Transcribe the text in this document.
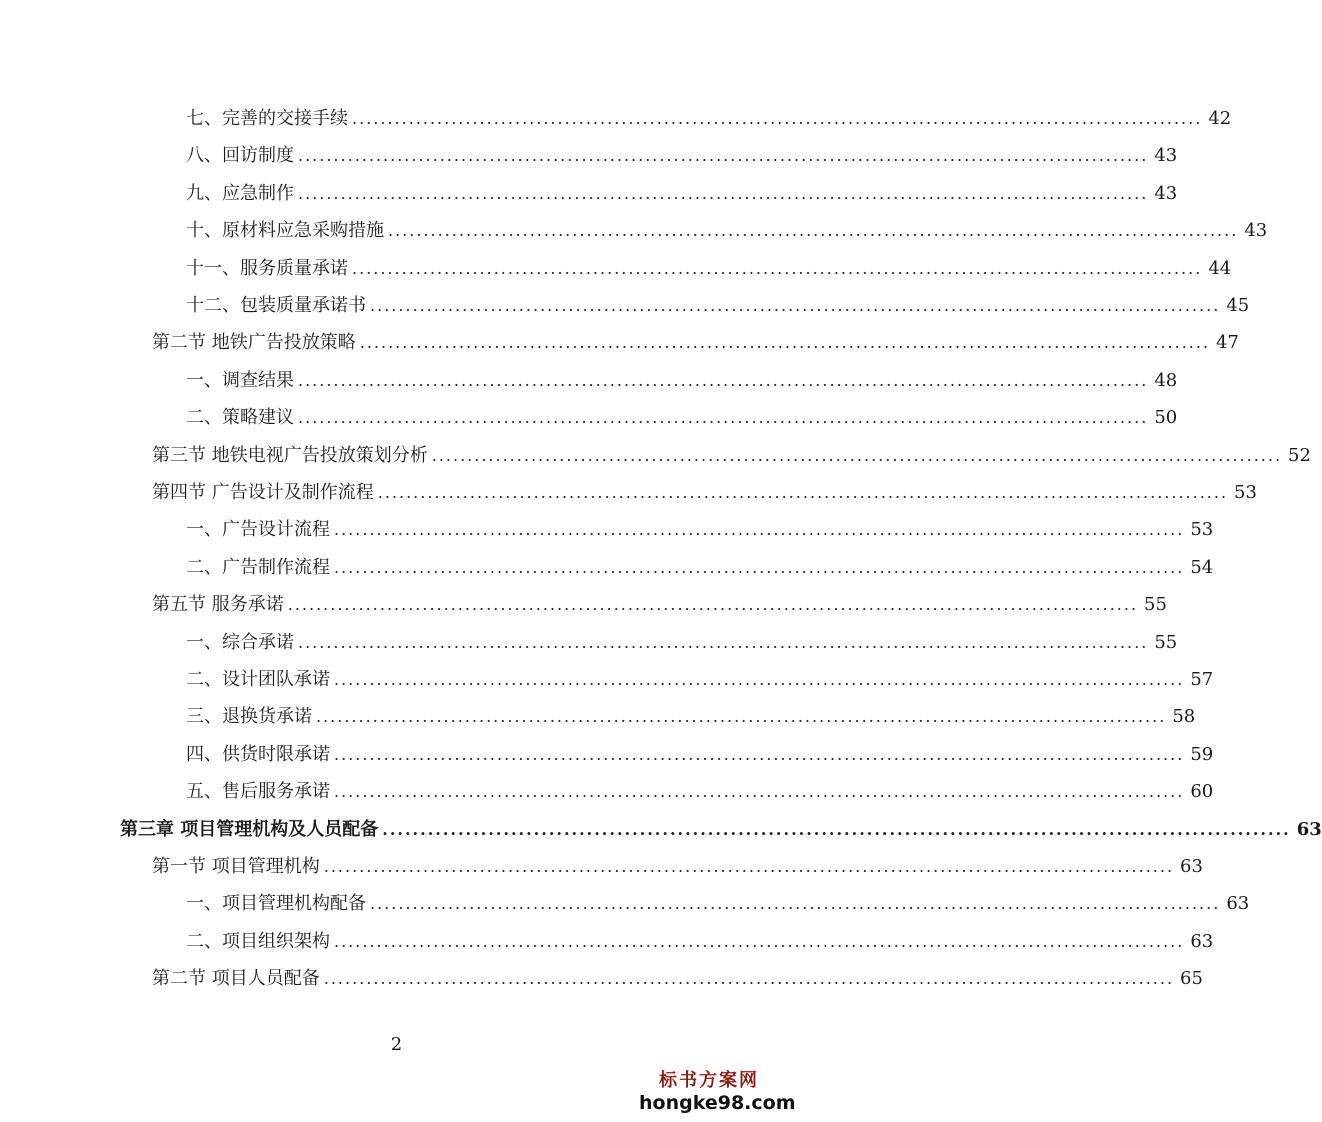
七、完善的交接手续 ........................................................................................................................ 42
八、回访制度 ........................................................................................................................ 43
九、应急制作 ........................................................................................................................ 43
十、原材料应急采购措施 ........................................................................................................................ 43
十一、服务质量承诺 ........................................................................................................................ 44
十二、包装质量承诺书 ........................................................................................................................ 45
第二节 地铁广告投放策略 ........................................................................................................................ 47
一、调查结果 ........................................................................................................................ 48
二、策略建议 ........................................................................................................................ 50
第三节 地铁电视广告投放策划分析 ........................................................................................................................ 52
第四节 广告设计及制作流程 ........................................................................................................................ 53
一、广告设计流程 ........................................................................................................................ 53
二、广告制作流程 ........................................................................................................................ 54
第五节 服务承诺 ........................................................................................................................ 55
一、综合承诺 ........................................................................................................................ 55
二、设计团队承诺 ........................................................................................................................ 57
三、退换货承诺 ........................................................................................................................ 58
四、供货时限承诺 ........................................................................................................................ 59
五、售后服务承诺 ........................................................................................................................ 60
第三章 项目管理机构及人员配备 ........................................................................................................................ 63
第一节 项目管理机构 ........................................................................................................................ 63
一、项目管理机构配备 ........................................................................................................................ 63
二、项目组织架构 ........................................................................................................................ 63
第二节 项目人员配备 ........................................................................................................................ 65
2
标书方案网
hongke98.com
